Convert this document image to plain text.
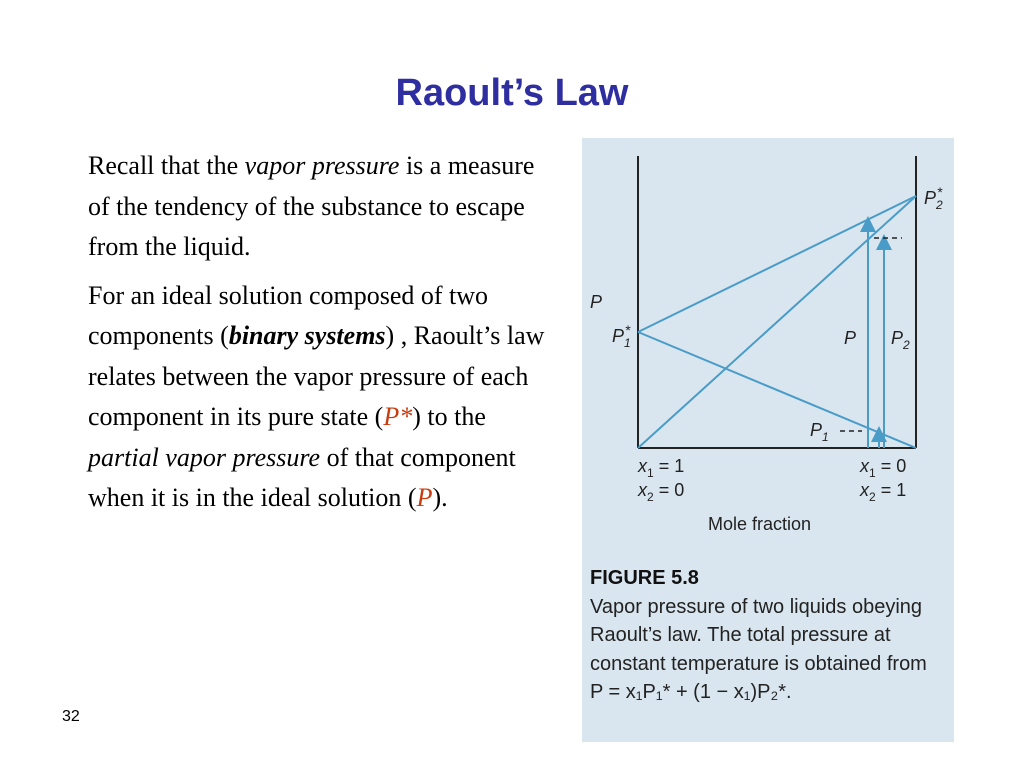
Raoult’s Law

Recall that the vapor pressure is a measure of the tendency of the substance to escape from the liquid.

For an ideal solution composed of two components (binary systems) , Raoult’s law relates between the vapor pressure of each component in its pure state (P*) to the partial vapor pressure of that component when it is in the ideal solution (P).

32
P
$P_1*$
$P_2*$
P $P_2$
$P_1$
$x_1 = 1$
$x_2 = 0$
$x_1 = 0$
$x_2 = 1$
Mole fraction
FIGURE 5.8
Vapor pressure of two liquids obeying Raoult’s law. The total pressure at constant temperature is obtained from
P = x₁P₁* + (1 − x₁)P₂*.
